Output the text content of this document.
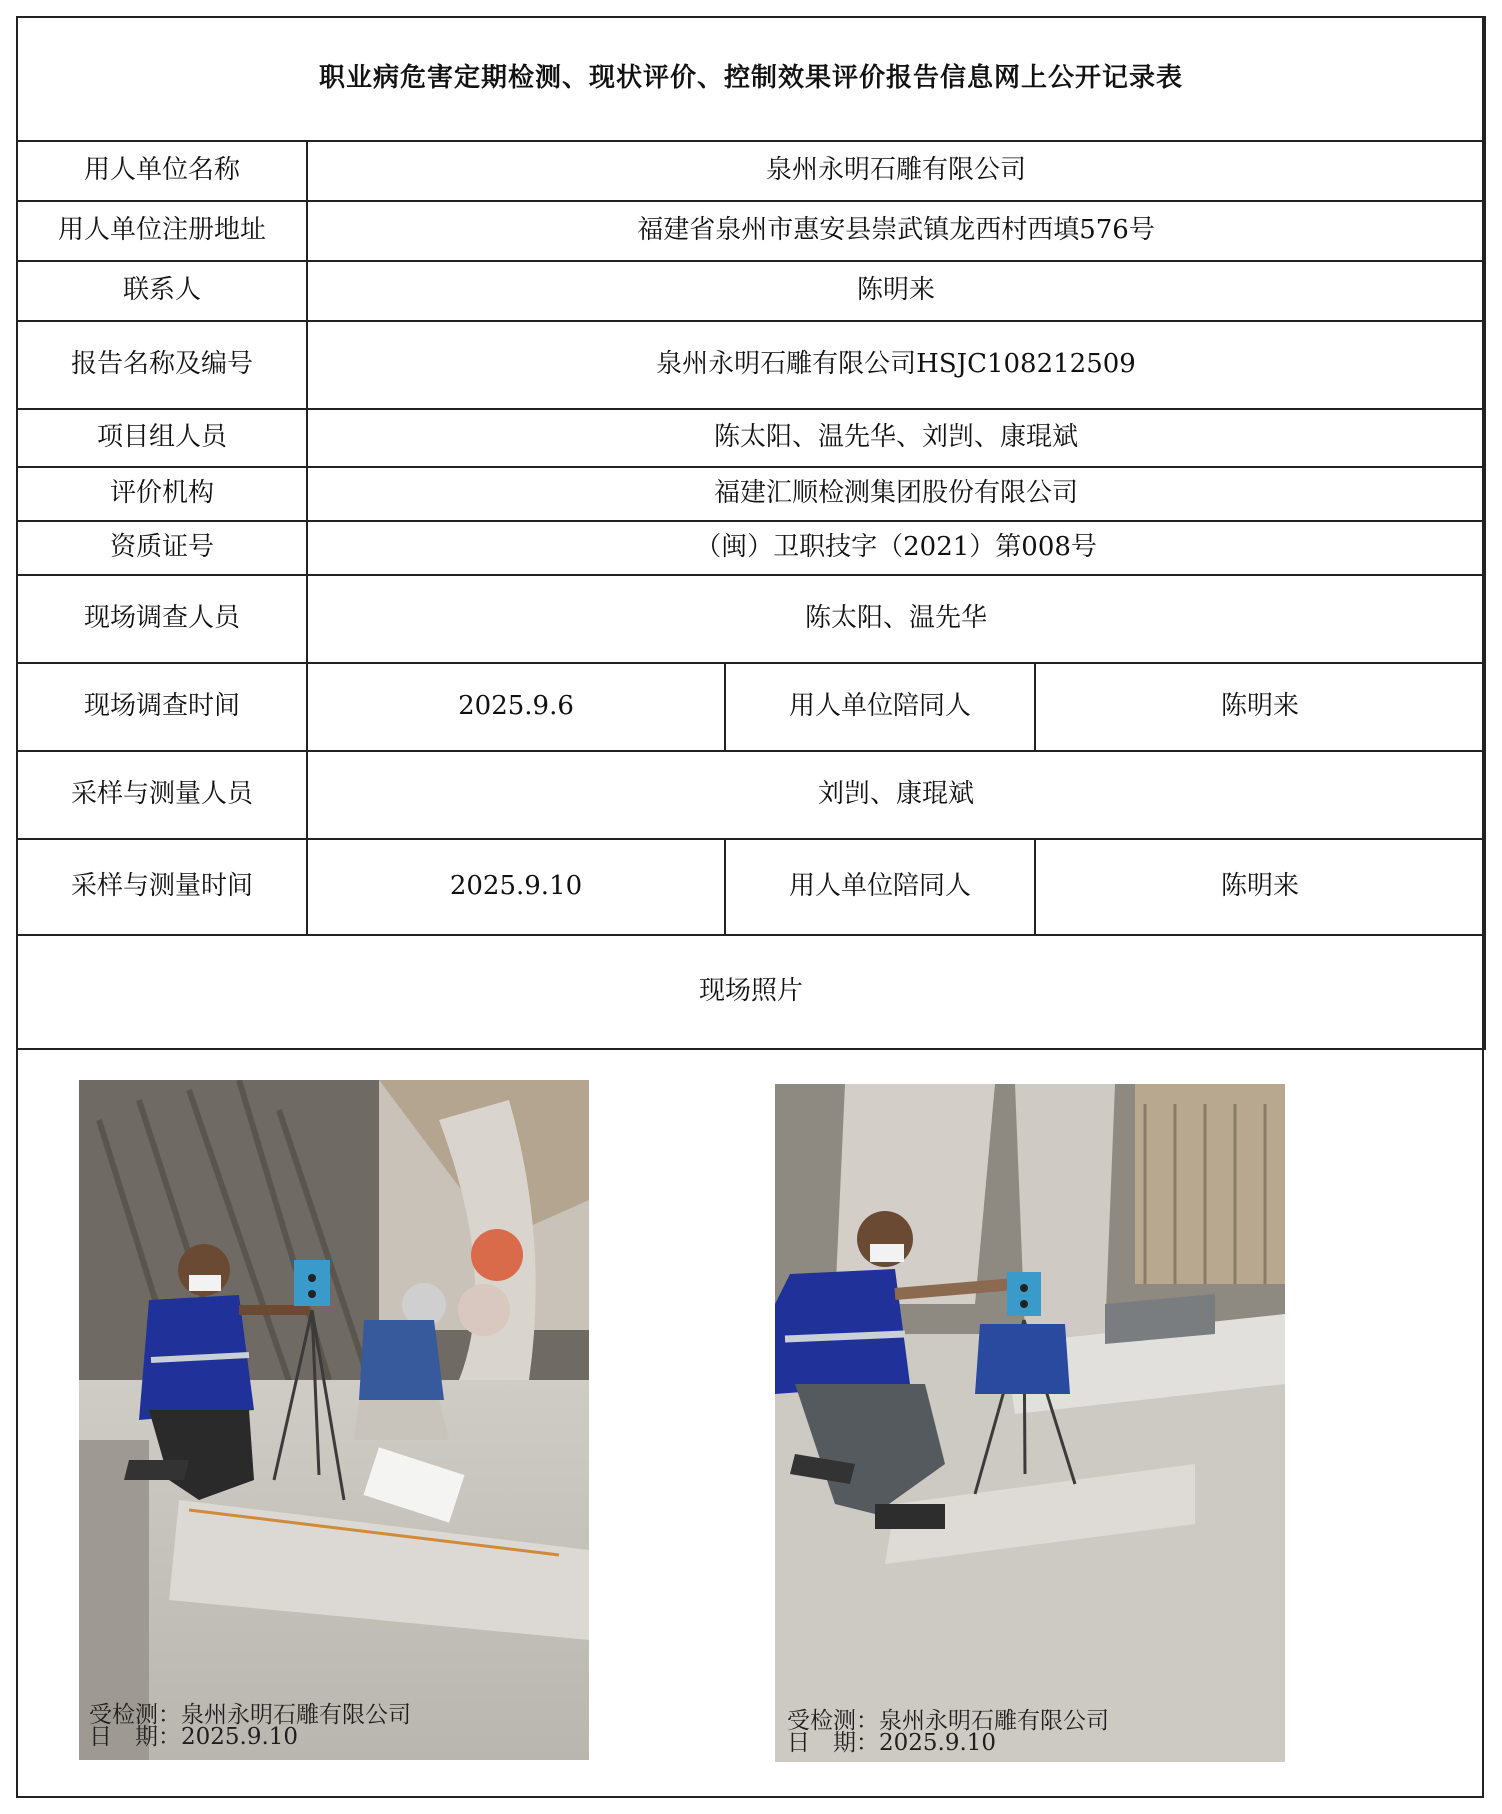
职业病危害定期检测、现状评价、控制效果评价报告信息网上公开记录表			
用人单位名称	泉州永明石雕有限公司		
用人单位注册地址	福建省泉州市惠安县崇武镇龙西村西填576号		
联系人	陈明来		
报告名称及编号	泉州永明石雕有限公司HSJC108212509		
项目组人员	陈太阳、温先华、刘剀、康琨斌		
评价机构	福建汇顺检测集团股份有限公司		
资质证号	（闽）卫职技字（2021）第008号		
现场调查人员	陈太阳、温先华		
现场调查时间	2025.9.6	用人单位陪同人	陈明来
采样与测量人员	刘剀、康琨斌		
采样与测量时间	2025.9.10	用人单位陪同人	陈明来
现场照片			
受检测：泉州永明石雕有限公司
日　期：2025.9.10
受检测：泉州永明石雕有限公司
日　期：2025.9.10
